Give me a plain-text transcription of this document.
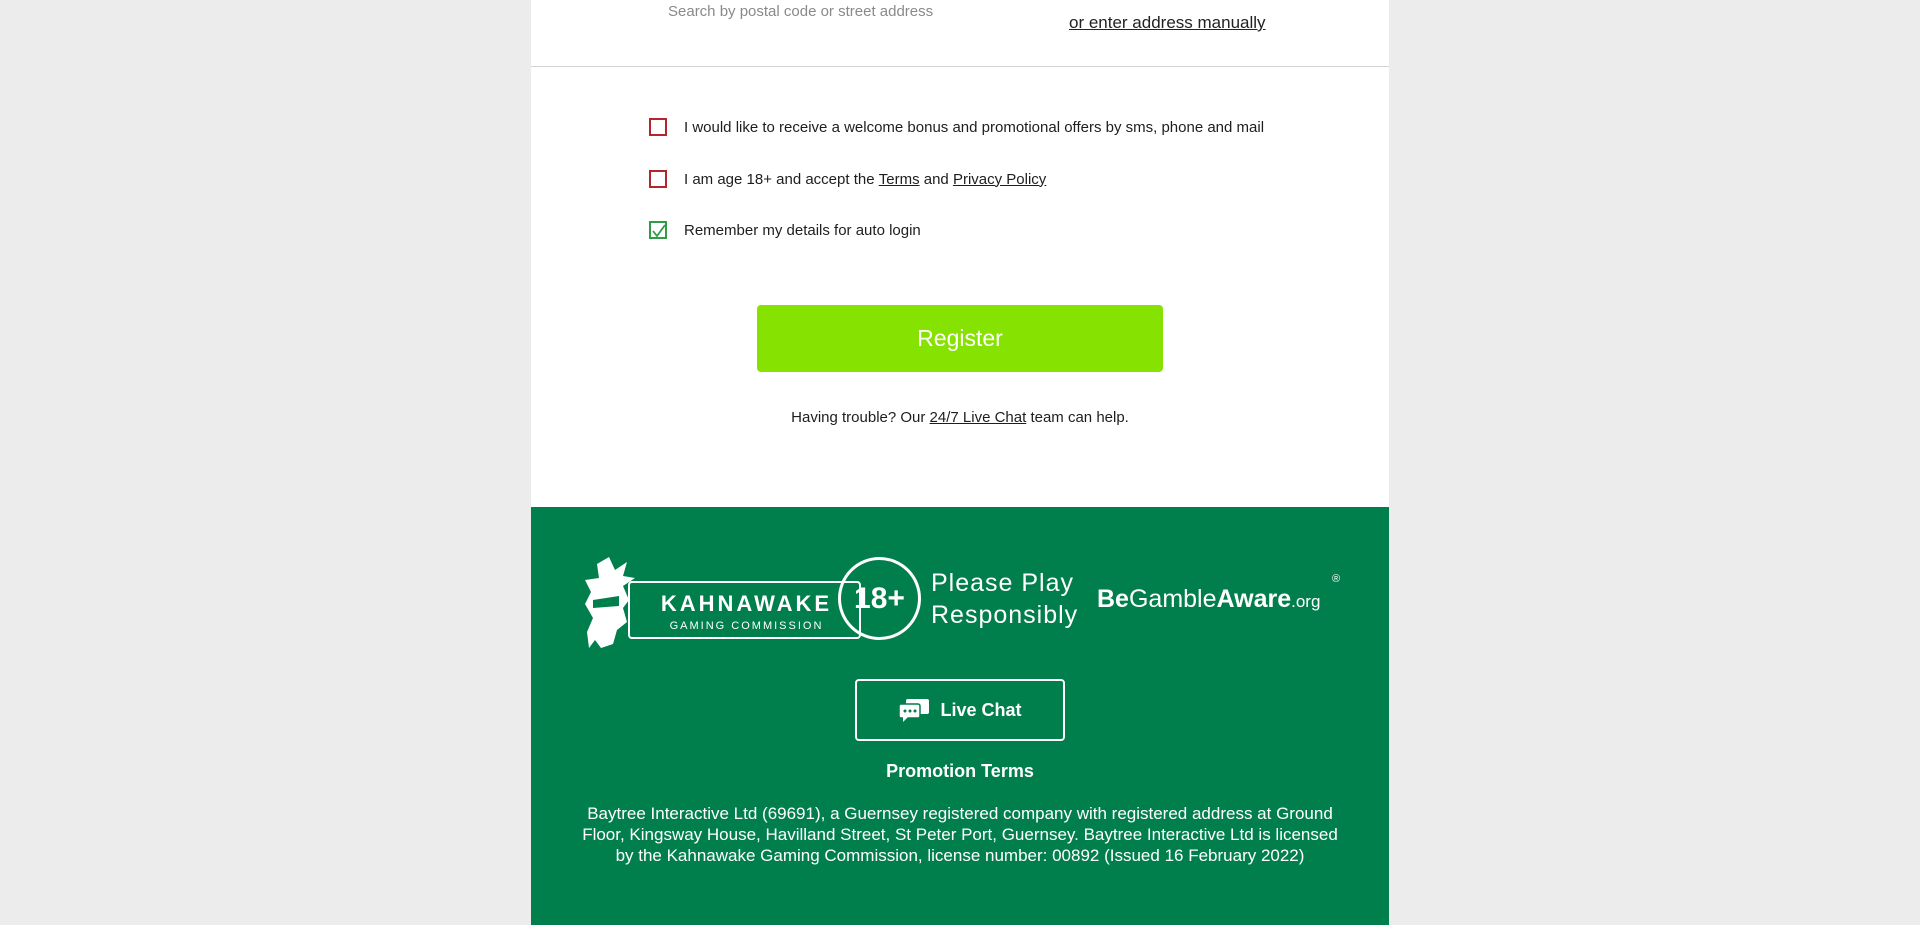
Search by postal code or street address
or enter address manually
I would like to receive a welcome bonus and promotional offers by sms, phone and mail
I am age 18+ and accept the Terms and Privacy Policy
Remember my details for auto login
Register
Having trouble? Our 24/7 Live Chat team can help.
KAHNAWAKE
GAMING COMMISSION
18+	Please Play
Responsibly
BeGambleAware.org
®
Live Chat
Promotion Terms
Baytree Interactive Ltd (69691), a Guernsey registered company with registered address at Ground Floor, Kingsway House, Havilland Street, St Peter Port, Guernsey. Baytree Interactive Ltd is licensed by the Kahnawake Gaming Commission, license number: 00892 (Issued 16 February 2022)
